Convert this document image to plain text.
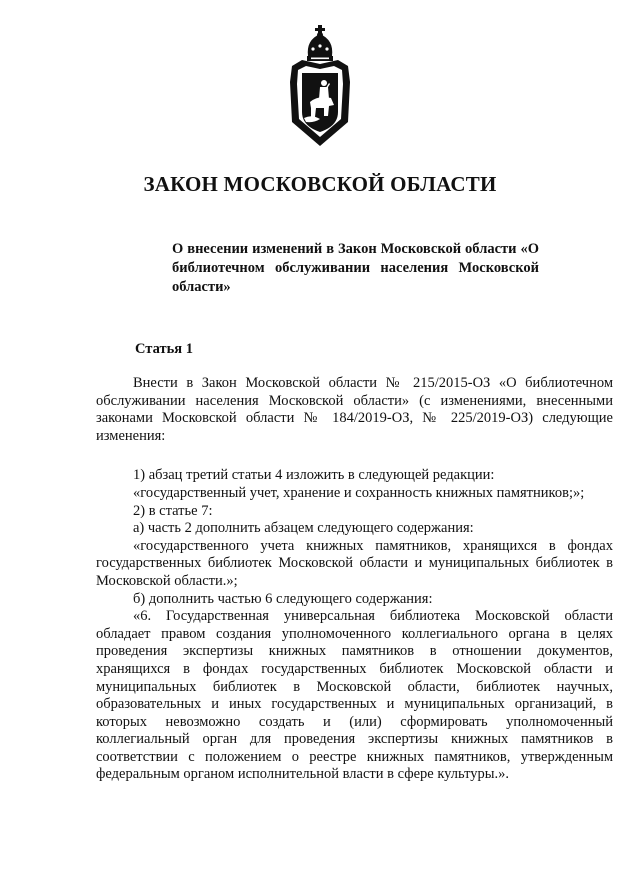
ЗАКОН МОСКОВСКОЙ ОБЛАСТИ
О внесении изменений в Закон Московской области «О библиотечном обслуживании населения Московской области»
Статья 1

Внести в Закон Московской области № 215/2015-ОЗ «О библиотечном обслуживании населения Московской области» (с изменениями, внесенными законами Московской области № 184/2019-ОЗ, № 225/2019-ОЗ) следующие изменения:

1) абзац третий статьи 4 изложить в следующей редакции:

«государственный учет, хранение и сохранность книжных памятников;»;

2) в статье 7:

а) часть 2 дополнить абзацем следующего содержания:

«государственного учета книжных памятников, хранящихся в фондах государственных библиотек Московской области и муниципальных библиотек в Московской области.»;

б) дополнить частью 6 следующего содержания:

«6. Государственная универсальная библиотека Московской области обладает правом создания уполномоченного коллегиального органа в целях проведения экспертизы книжных памятников в отношении документов, хранящихся в фондах государственных библиотек Московской области и муниципальных библиотек в Московской области, библиотек научных, образовательных и иных государственных и муниципальных организаций, в которых невозможно создать и (или) сформировать уполномоченный коллегиальный орган для проведения экспертизы книжных памятников в соответствии с положением о реестре книжных памятников, утвержденным федеральным органом исполнительной власти в сфере культуры.».
